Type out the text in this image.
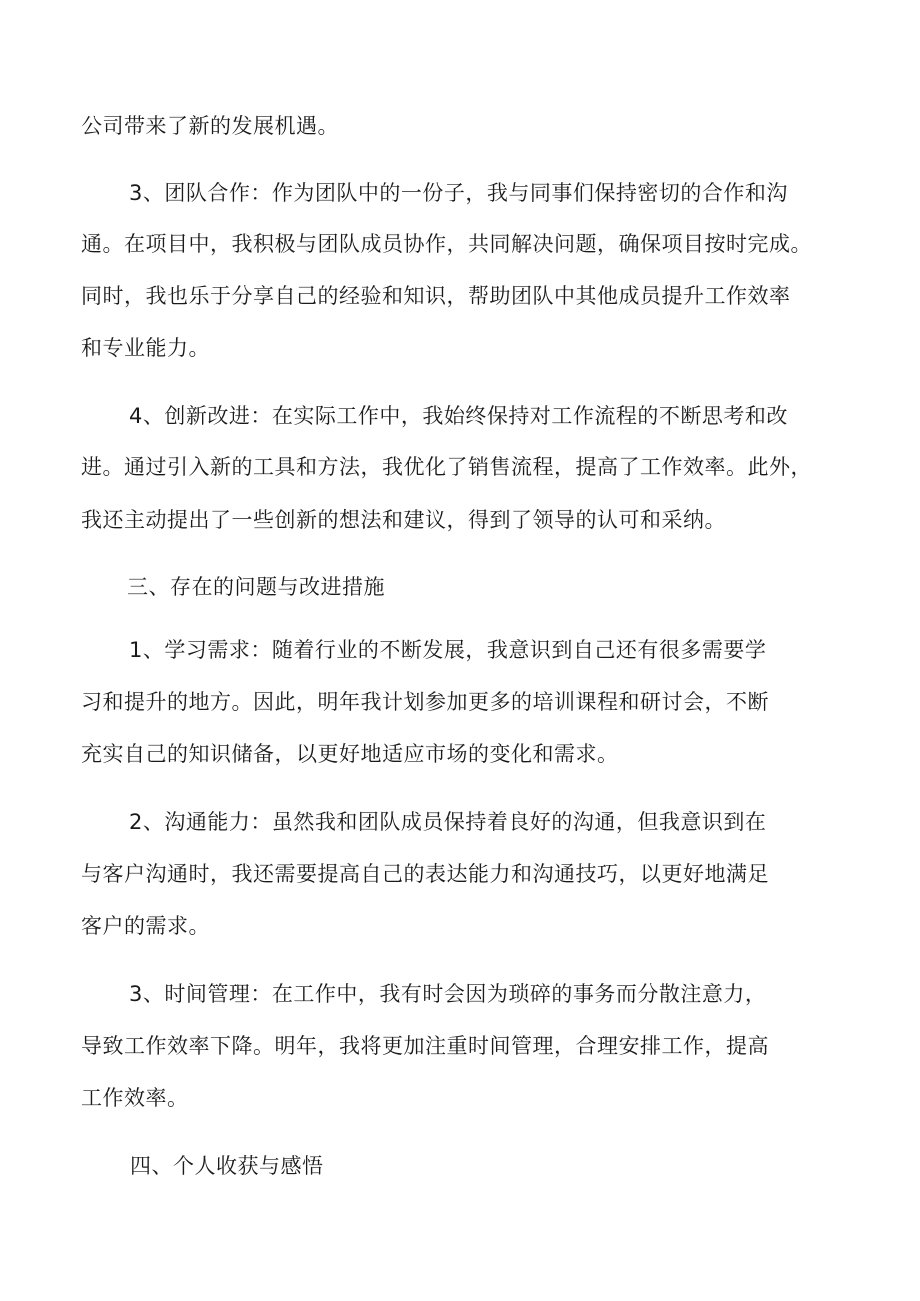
公司带来了新的发展机遇。
3、团队合作：作为团队中的一份子，我与同事们保持密切的合作和沟
通。在项目中，我积极与团队成员协作，共同解决问题，确保项目按时完成。
同时，我也乐于分享自己的经验和知识，帮助团队中其他成员提升工作效率
和专业能力。
4、创新改进：在实际工作中，我始终保持对工作流程的不断思考和改
进。通过引入新的工具和方法，我优化了销售流程，提高了工作效率。此外，
我还主动提出了一些创新的想法和建议，得到了领导的认可和采纳。
三、存在的问题与改进措施
1、学习需求：随着行业的不断发展，我意识到自己还有很多需要学
习和提升的地方。因此，明年我计划参加更多的培训课程和研讨会，不断
充实自己的知识储备，以更好地适应市场的变化和需求。
2、沟通能力：虽然我和团队成员保持着良好的沟通，但我意识到在
与客户沟通时，我还需要提高自己的表达能力和沟通技巧，以更好地满足
客户的需求。
3、时间管理：在工作中，我有时会因为琐碎的事务而分散注意力，
导致工作效率下降。明年，我将更加注重时间管理，合理安排工作，提高
工作效率。
四、个人收获与感悟
